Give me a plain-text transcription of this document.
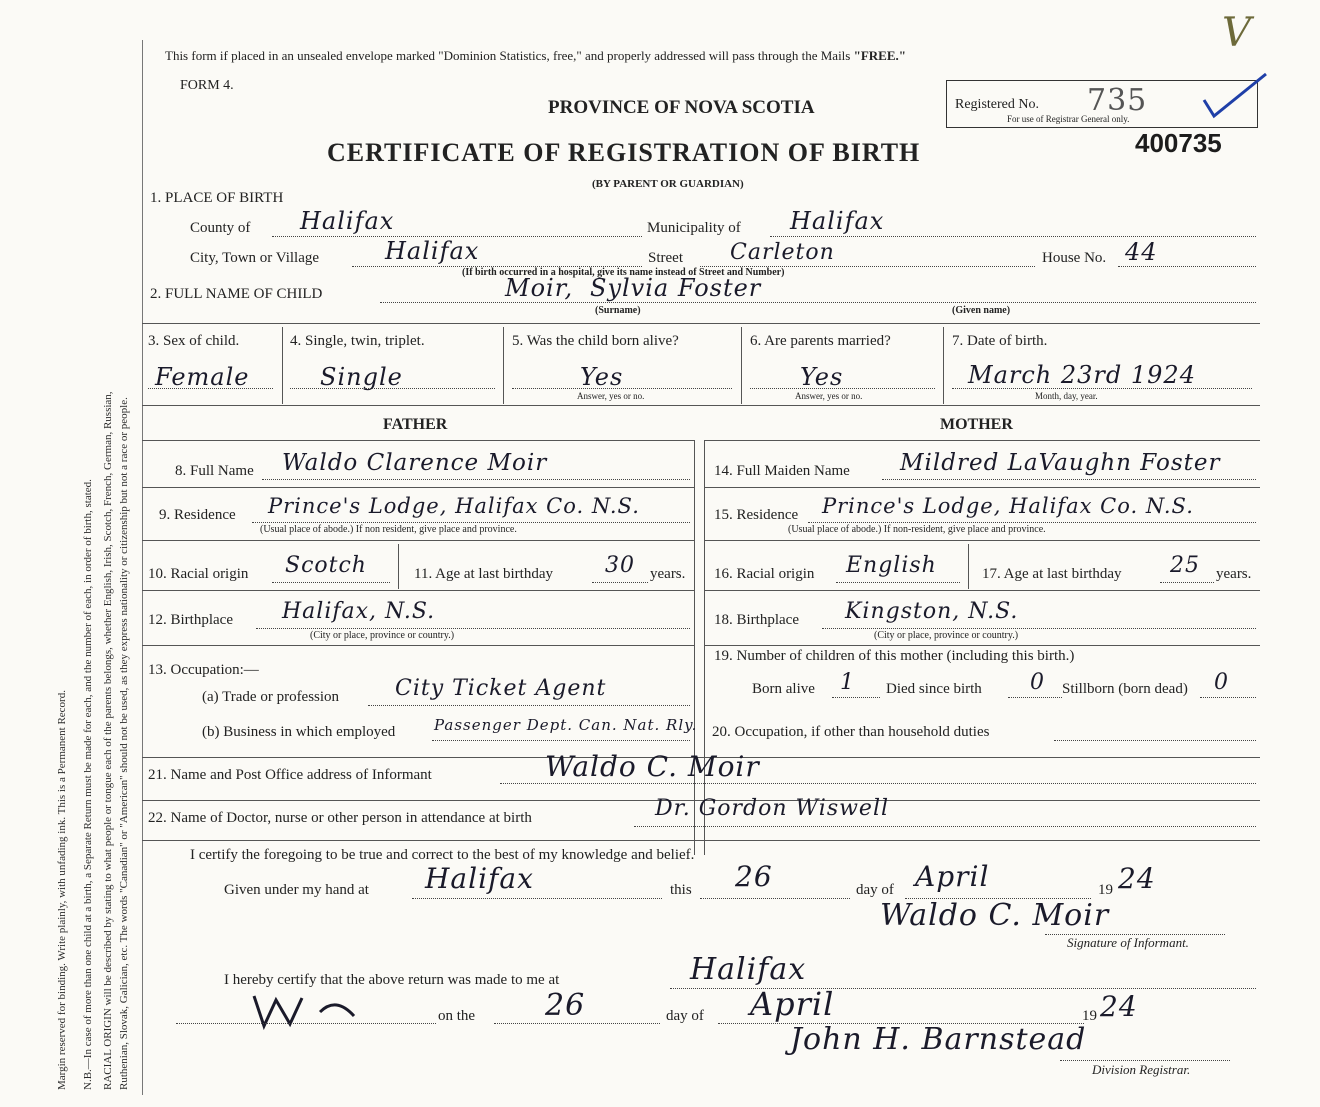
Margin reserved for binding. Write plainly, with unfading ink. This is a Permanent Record. N.B.—In case of more than one child at a birth, a Separate Return must be made for each, and the number of each, in order of birth, stated. RACIAL ORIGIN will be described by stating to what people or tongue each of the parents belongs, whether English, Irish, Scotch, French, German, Russian, Ruthenian, Slovak, Galician, etc. The words "Canadian" or "American" should not be used, as they express nationality or citizenship but not a race or people.
This form if placed in an unsealed envelope marked "Dominion Statistics, free," and properly addressed will pass through the Mails "FREE."
FORM 4.
PROVINCE OF NOVA SCOTIA
CERTIFICATE OF REGISTRATION OF BIRTH
(BY PARENT OR GUARDIAN)
Registered No. 735
For use of Registrar General only.
V
400735
1. PLACE OF BIRTH
County of Halifax	Municipality of Halifax
City, Town or Village	Halifax	Street Carleton	House No. 44
(If birth occurred in a hospital, give its name instead of Street and Number)
2. FULL NAME OF CHILD	Moir, Sylvia Foster
(Surname)	(Given name)
3. Sex of child.
Female
4. Single, twin, triplet.
Single
5. Was the child born alive?
Yes
Answer, yes or no.
6. Are parents married?
Yes
Answer, yes or no.
7. Date of birth.
March 23rd 1924
Month, day, year.
FATHER	MOTHER
8. Full Name Waldo Clarence Moir	14. Full Maiden Name Mildred LaVaughn Foster
9. Residence Prince's Lodge, Halifax Co. N.S.
(Usual place of abode.) If non resident, give place and province.
15. Residence Prince's Lodge, Halifax Co. N.S.
(Usual place of abode.) If non-resident, give place and province.
10. Racial origin Scotch	11. Age at last birthday 30 years. 16. Racial origin English	17. Age at last birthday 25 years.
12. Birthplace Halifax, N.S.
(City or place, province or country.)
18. Birthplace Kingston, N.S.
(City or place, province or country.)
13. Occupation:—
(a) Trade or profession	City Ticket Agent
(b) Business in which employed	Passenger Dept. Can. Nat. Rly.
19. Number of children of this mother (including this birth.)
Born alive 1 Died since birth 0 Stillborn (born dead) 0
20. Occupation, if other than household duties
21. Name and Post Office address of Informant	Waldo C. Moir
22. Name of Doctor, nurse or other person in attendance at birth	Dr. Gordon Wiswell
I certify the foregoing to be true and correct to the best of my knowledge and belief.
Given under my hand at Halifax	this 26	day of April	19 24
Waldo C. Moir
Signature of Informant.
I hereby certify that the above return was made to me at	Halifax
on the 26	day of April	19 24
John H. Barnstead
Division Registrar.
